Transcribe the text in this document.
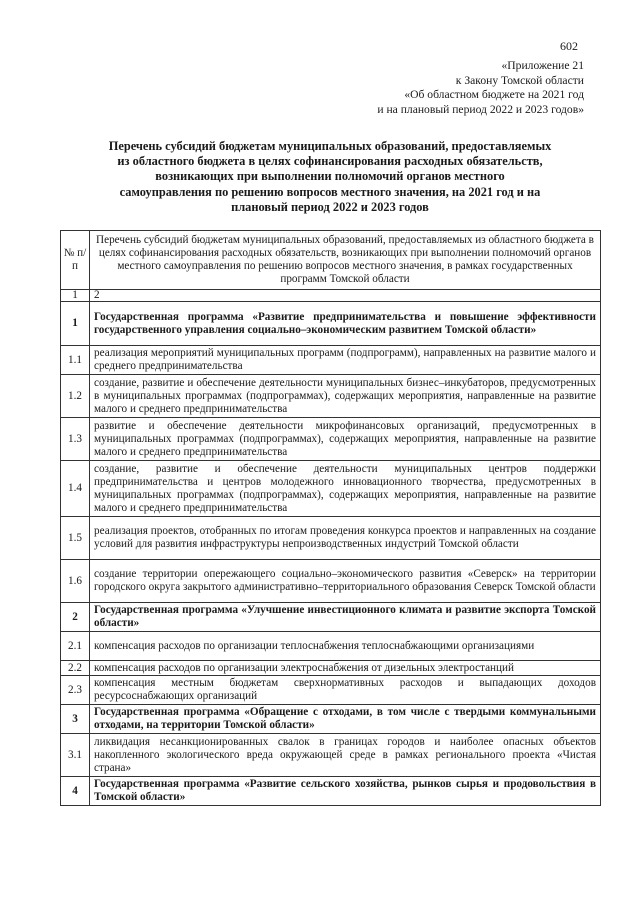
602
«Приложение 21
к Закону Томской области
«Об областном бюджете на 2021 год
и на плановый период 2022 и 2023 годов»
Перечень субсидий бюджетам муниципальных образований, предоставляемых
из областного бюджета в целях софинансирования расходных обязательств,
возникающих при выполнении полномочий органов местного
самоуправления по решению вопросов местного значения, на 2021 год и на
плановый период 2022 и 2023 годов
№ п/п	Перечень субсидий бюджетам муниципальных образований, предоставляемых из областного бюджета в целях софинансирования расходных обязательств, возникающих при выполнении полномочий органов местного самоуправления по решению вопросов местного значения, в рамках государственных программ Томской области
1	2
1	Государственная программа «Развитие предпринимательства и повышение эффективности государственного управления социально–экономическим развитием Томской области»
1.1	реализация мероприятий муниципальных программ (подпрограмм), направленных на развитие малого и среднего предпринимательства
1.2	создание, развитие и обеспечение деятельности муниципальных бизнес–инкубаторов, предусмотренных в муниципальных программах (подпрограммах), содержащих мероприятия, направленные на развитие малого и среднего предпринимательства
1.3	развитие и обеспечение деятельности микрофинансовых организаций, предусмотренных в муниципальных программах (подпрограммах), содержащих мероприятия, направленные на развитие малого и среднего предпринимательства
1.4	создание, развитие и обеспечение деятельности муниципальных центров поддержки предпринимательства и центров молодежного инновационного творчества, предусмотренных в муниципальных программах (подпрограммах), содержащих мероприятия, направленные на развитие малого и среднего предпринимательства
1.5	реализация проектов, отобранных по итогам проведения конкурса проектов и направленных на создание условий для развития инфраструктуры непроизводственных индустрий Томской области
1.6	создание территории опережающего социально–экономического развития «Северск» на территории городского округа закрытого административно–территориального образования Северск Томской области
2	Государственная программа «Улучшение инвестиционного климата и развитие экспорта Томской области»
2.1	компенсация расходов по организации теплоснабжения теплоснабжающими организациями
2.2	компенсация расходов по организации электроснабжения от дизельных электростанций
2.3	компенсация местным бюджетам сверхнормативных расходов и выпадающих доходов ресурсоснабжающих организаций
3	Государственная программа «Обращение с отходами, в том числе с твердыми коммунальными отходами, на территории Томской области»
3.1	ликвидация несанкционированных свалок в границах городов и наиболее опасных объектов накопленного экологического вреда окружающей среде в рамках регионального проекта «Чистая страна»
4	Государственная программа «Развитие сельского хозяйства, рынков сырья и продовольствия в Томской области»
